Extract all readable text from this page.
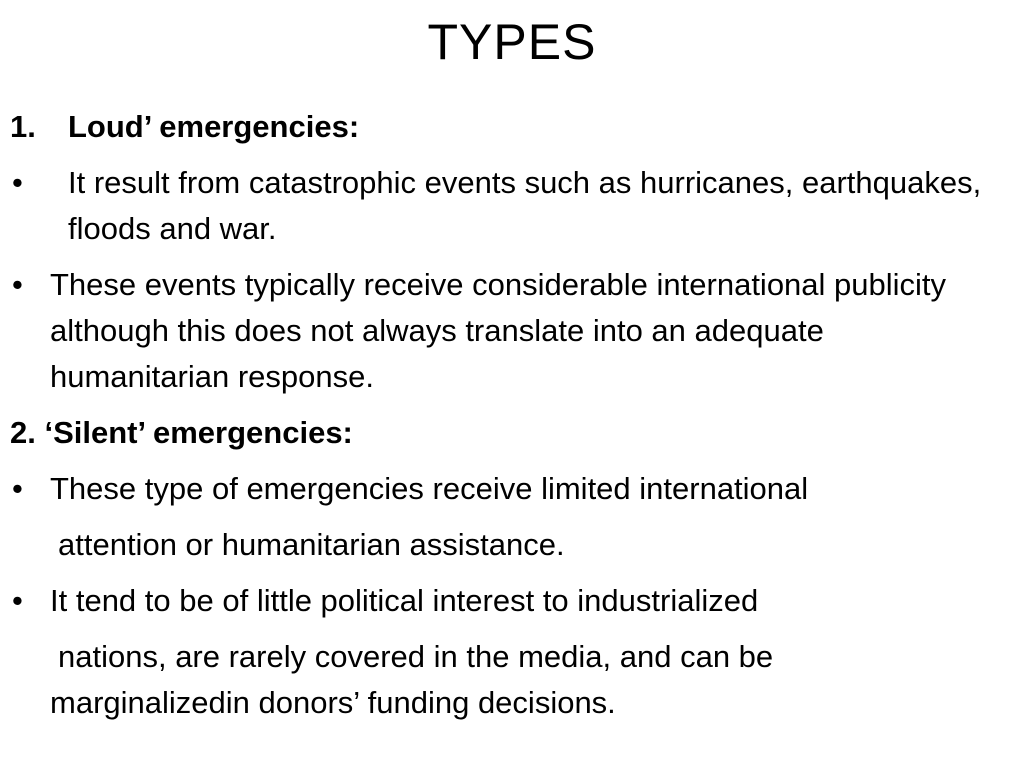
TYPES
1. Loud’ emergencies:
• It result from catastrophic events such as hurricanes, earthquakes, floods and war.
• These events typically receive considerable international publicity although this does not always translate into an adequate humanitarian response.
2. ‘Silent’ emergencies:
• These type of emergencies receive limited international
attention or humanitarian assistance.
• It tend to be of little political interest to industrialized
nations, are rarely covered in the media, and can be
marginalizedin donors’ funding decisions.
